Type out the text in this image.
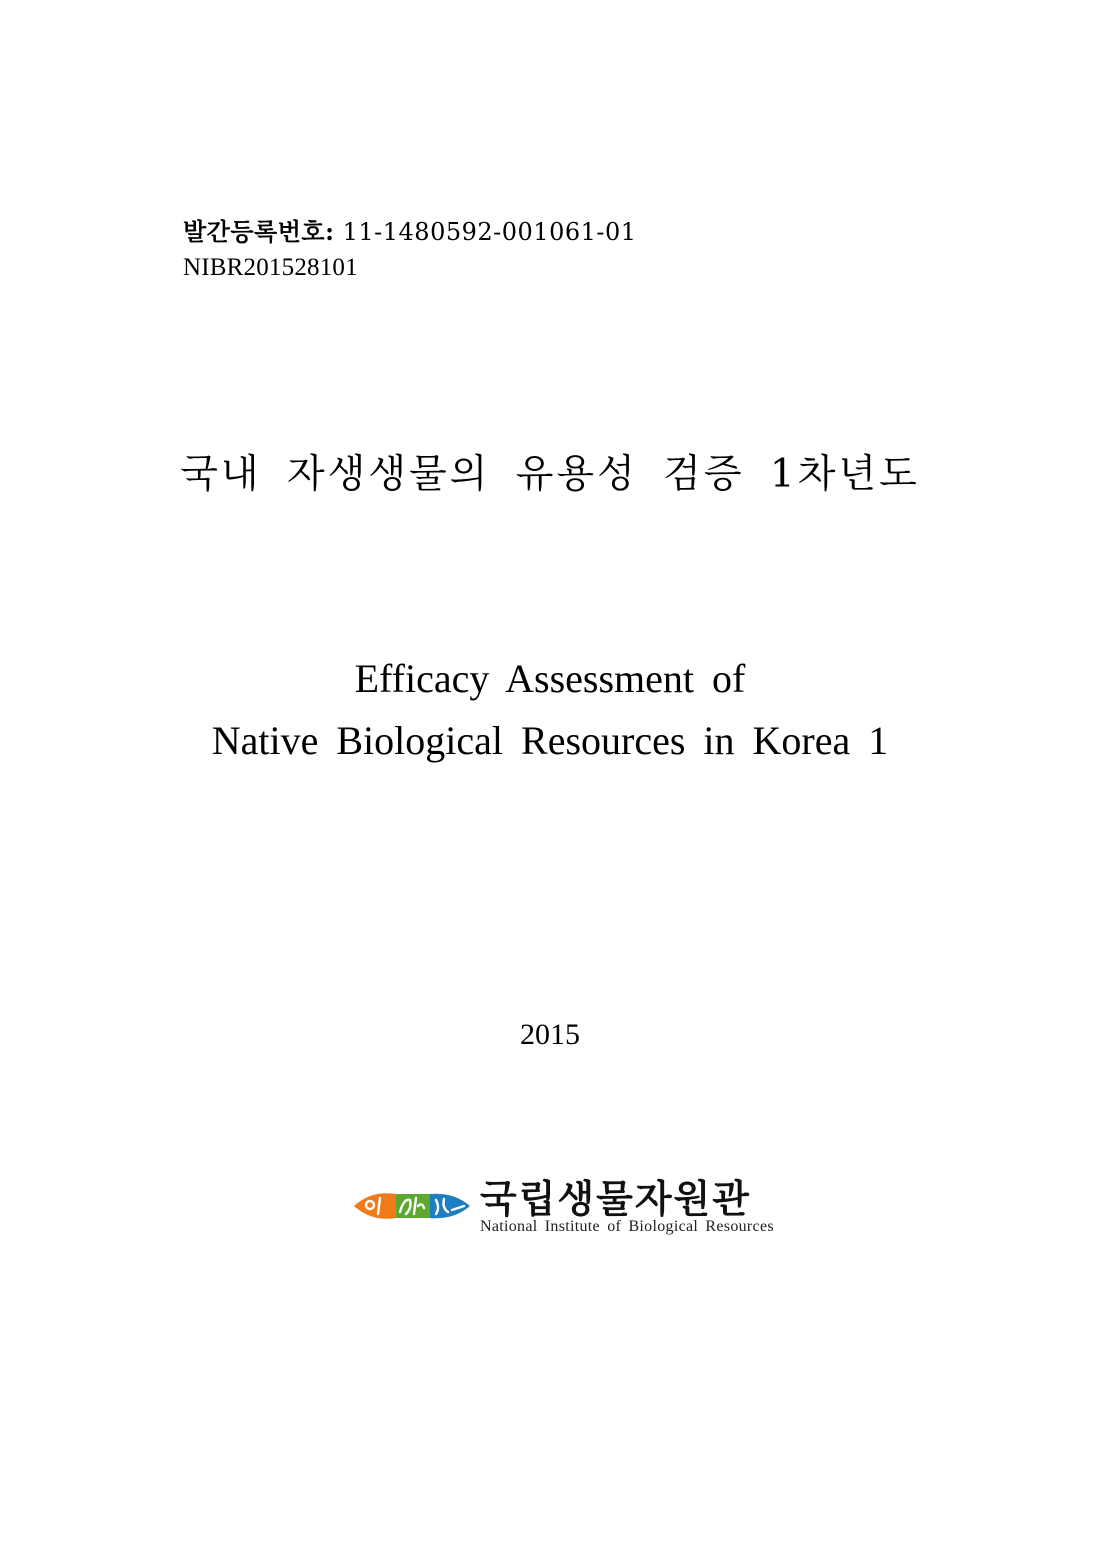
발간등록번호: 11-1480592-001061-01
NIBR201528101
국내 자생생물의 유용성 검증 1차년도
Efficacy Assessment of
Native Biological Resources in Korea 1
2015
국립생물자원관
National Institute of Biological Resources
